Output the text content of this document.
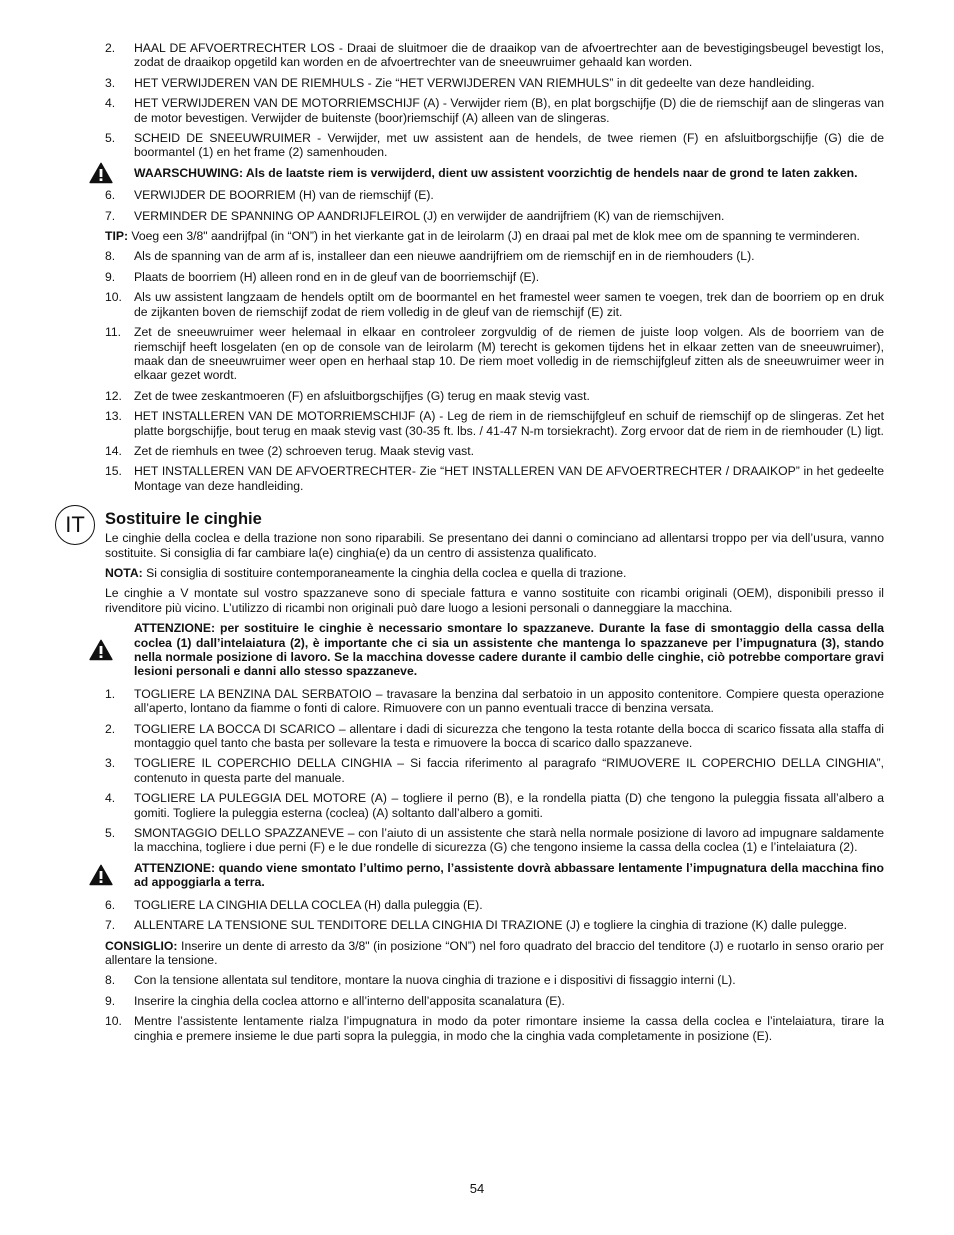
2. HAAL DE AFVOERTRECHTER LOS - Draai de sluitmoer die de draaikop van de afvoertrechter aan de bevestigingsbeugel bevestigt los, zodat de draaikop opgetild kan worden en de afvoertrechter van de sneeuwruimer gehaald kan worden.
3. HET VERWIJDEREN VAN DE RIEMHULS - Zie “HET VERWIJDEREN VAN RIEMHULS” in dit gedeelte van deze handleiding.
4. HET VERWIJDEREN VAN DE MOTORRIEMSCHIJF (A) - Verwijder riem (B), en plat borgschijfje (D) die de riemschijf aan de slingeras van de motor bevestigen. Verwijder de buitenste (boor)riemschijf (A) alleen van de slingeras.
5. SCHEID DE SNEEUWRUIMER - Verwijder, met uw assistent aan de hendels, de twee riemen (F) en afsluitborgschijfje (G) die de boormantel (1) en het frame (2) samenhouden.
WAARSCHUWING: Als de laatste riem is verwijderd, dient uw assistent voorzichtig de hendels naar de grond te laten zakken.
6. VERWIJDER DE BOORRIEM (H) van de riemschijf (E).
7. VERMINDER DE SPANNING OP AANDRIJFLEIROL (J) en verwijder de aandrijfriem (K) van de riemschijven.

TIP: Voeg een 3/8" aandrijfpal (in “ON”) in het vierkante gat in de leirolarm (J) en draai pal met de klok mee om de spanning te verminderen.

8. Als de spanning van de arm af is, installeer dan een nieuwe aandrijfriem om de riemschijf en in de riemhouders (L).
9. Plaats de boorriem (H) alleen rond en in de gleuf van de boorriemschijf (E).
10. Als uw assistent langzaam de hendels optilt om de boormantel en het framestel weer samen te voegen, trek dan de boorriem op en druk de zijkanten boven de riemschijf zodat de riem volledig in de gleuf van de riemschijf (E) zit.
11. Zet de sneeuwruimer weer helemaal in elkaar en controleer zorgvuldig of de riemen de juiste loop volgen. Als de boorriem van de riemschijf heeft losgelaten (en op de console van de leirolarm (M) terecht is gekomen tijdens het in elkaar zetten van de sneeuwruimer), maak dan de sneeuwruimer weer open en herhaal stap 10. De riem moet volledig in de riemschijfgleuf zitten als de sneeuwruimer weer in elkaar gezet wordt.
12. Zet de twee zeskantmoeren (F) en afsluitborgschijfjes (G) terug en maak stevig vast.
13. HET INSTALLEREN VAN DE MOTORRIEMSCHIJF (A) - Leg de riem in de riemschijfgleuf en schuif de riemschijf op de slingeras. Zet het platte borgschijfje, bout terug en maak stevig vast (30-35 ft. lbs. / 41-47 N-m torsiekracht). Zorg ervoor dat de riem in de riemhouder (L) ligt.
14. Zet de riemhuls en twee (2) schroeven terug. Maak stevig vast.
15. HET INSTALLEREN VAN DE AFVOERTRECHTER- Zie “HET INSTALLEREN VAN DE AFVOERTRECHTER / DRAAIKOP” in het gedeelte Montage van deze handleiding.
IT	Sostituire le cinghie

Le cinghie della coclea e della trazione non sono riparabili. Se presentano dei danni o cominciano ad allentarsi troppo per via dell’usura, vanno sostituite. Si consiglia di far cambiare la(e) cinghia(e) da un centro di assistenza qualificato.

NOTA: Si consiglia di sostituire contemporaneamente la cinghia della coclea e quella di trazione.

Le cinghie a V montate sul vostro spazzaneve sono di speciale fattura e vanno sostituite con ricambi originali (OEM), disponibili presso il rivenditore più vicino. L’utilizzo di ricambi non originali può dare luogo a lesioni personali o danneggiare la macchina.

ATTENZIONE: per sostituire le cinghie è necessario smontare lo spazzaneve. Durante la fase di smontaggio della cassa della coclea (1) dall’intelaiatura (2), è importante che ci sia un assistente che mantenga lo spazzaneve per l’impugnatura (3), stando nella normale posizione di lavoro. Se la macchina dovesse cadere durante il cambio delle cinghie, ciò potrebbe comportare gravi lesioni personali e danni allo stesso spazzaneve.
1. TOGLIERE LA BENZINA DAL SERBATOIO – travasare la benzina dal serbatoio in un apposito contenitore. Compiere questa operazione all’aperto, lontano da fiamme o fonti di calore. Rimuovere con un panno eventuali tracce di benzina versata.
2. TOGLIERE LA BOCCA DI SCARICO – allentare i dadi di sicurezza che tengono la testa rotante della bocca di scarico fissata alla staffa di montaggio quel tanto che basta per sollevare la testa e rimuovere la bocca di scarico dallo spazzaneve.
3. TOGLIERE IL COPERCHIO DELLA CINGHIA – Si faccia riferimento al paragrafo “RIMUOVERE IL COPERCHIO DELLA CINGHIA”, contenuto in questa parte del manuale.
4. TOGLIERE LA PULEGGIA DEL MOTORE (A) – togliere il perno (B), e la rondella piatta (D) che tengono la puleggia fissata all’albero a gomiti. Togliere la puleggia esterna (coclea) (A) soltanto dall’albero a gomiti.
5. SMONTAGGIO DELLO SPAZZANEVE – con l’aiuto di un assistente che starà nella normale posizione di lavoro ad impugnare saldamente la macchina, togliere i due perni (F) e le due rondelle di sicurezza (G) che tengono insieme la cassa della coclea (1) e l’intelaiatura (2).
ATTENZIONE: quando viene smontato l’ultimo perno, l’assistente dovrà abbassare lentamente l’impugnatura della macchina fino ad appoggiarla a terra.
6. TOGLIERE LA CINGHIA DELLA COCLEA (H) dalla puleggia (E).
7. ALLENTARE LA TENSIONE SUL TENDITORE DELLA CINGHIA DI TRAZIONE (J) e togliere la cinghia di trazione (K) dalle pulegge.

CONSIGLIO: Inserire un dente di arresto da 3/8" (in posizione “ON”) nel foro quadrato del braccio del tenditore (J) e ruotarlo in senso orario per allentare la tensione.

8. Con la tensione allentata sul tenditore, montare la nuova cinghia di trazione e i dispositivi di fissaggio interni (L).
9. Inserire la cinghia della coclea attorno e all’interno dell’apposita scanalatura (E).
10. Mentre l’assistente lentamente rialza l’impugnatura in modo da poter rimontare insieme la cassa della coclea e l’intelaiatura, tirare la cinghia e premere insieme le due parti sopra la puleggia, in modo che la cinghia vada completamente in posizione (E).
54
